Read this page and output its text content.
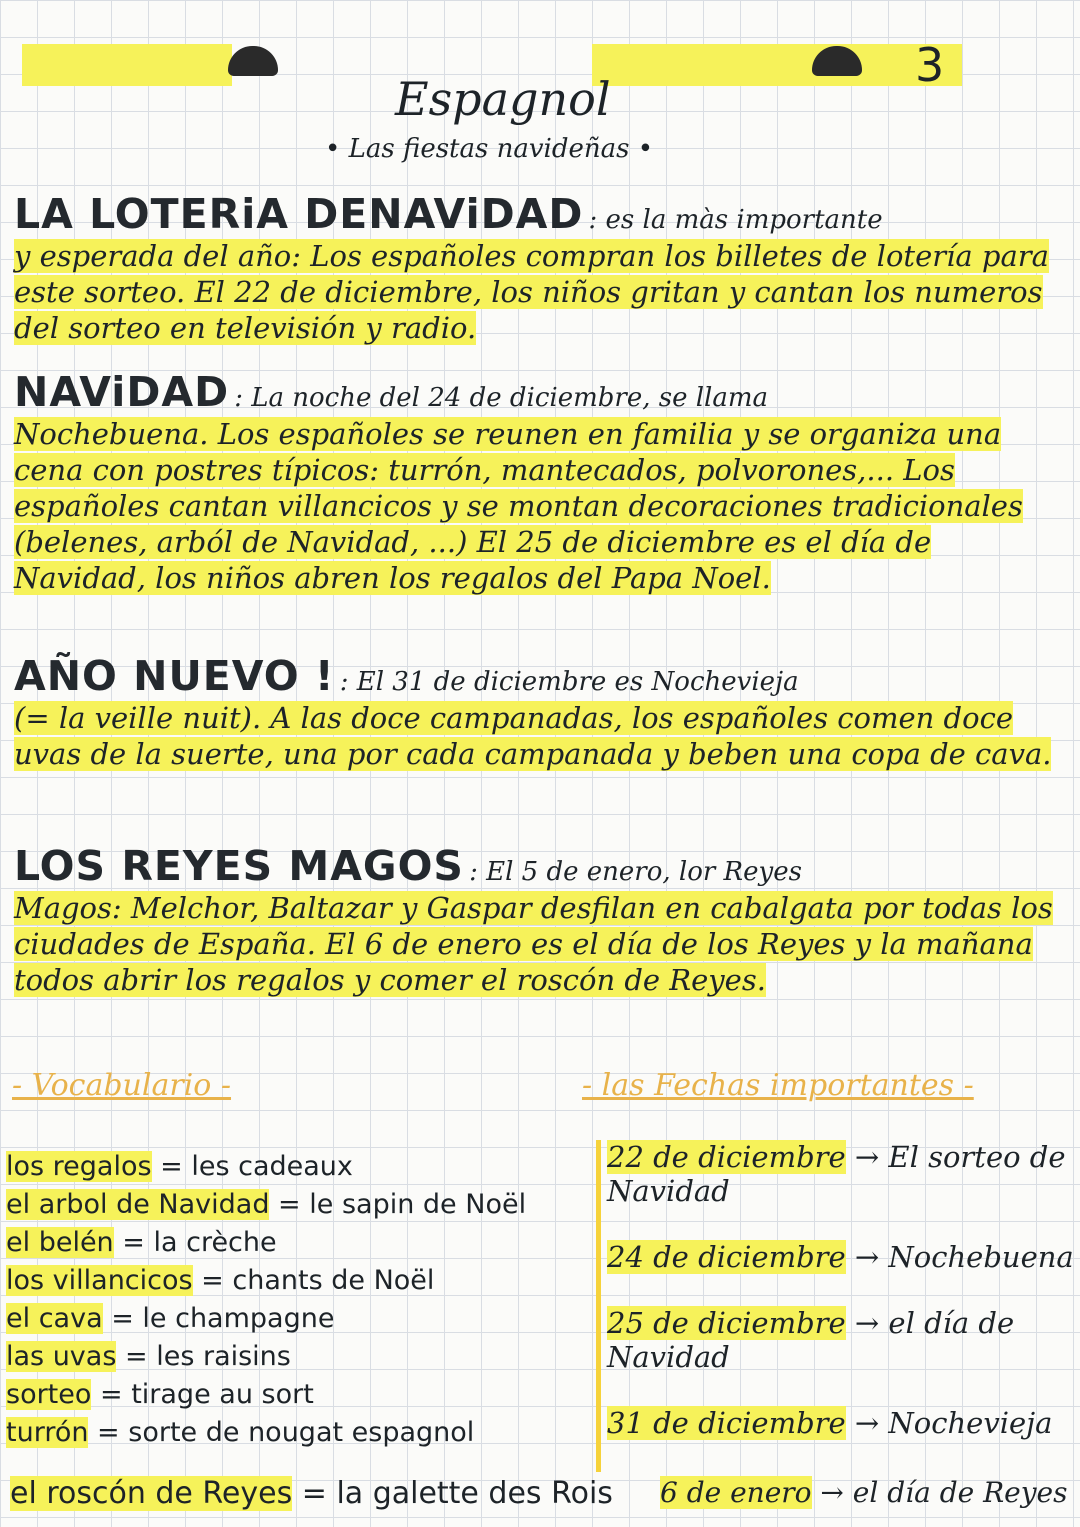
3
Espagnol
• Las fiestas navideñas •
LA LOTERiA DENAViDAD : es la màs importante
y esperada del año: Los españoles compran los billetes de lotería para este sorteo. El 22 de diciembre, los niños gritan y cantan los numeros del sorteo en televisión y radio.
NAViDAD : La noche del 24 de diciembre, se llama
Nochebuena. Los españoles se reunen en familia y se organiza una cena con postres típicos: turrón, mantecados, polvorones,... Los españoles cantan villancicos y se montan decoraciones tradicionales (belenes, arból de Navidad, ...) El 25 de diciembre es el día de Navidad, los niños abren los regalos del Papa Noel.
AÑO NUEVO ! : El 31 de diciembre es Nochevieja
(= la veille nuit). A las doce campanadas, los españoles comen doce uvas de la suerte, una por cada campanada y beben una copa de cava.
LOS REYES MAGOS : El 5 de enero, lor Reyes
Magos: Melchor, Baltazar y Gaspar desfilan en cabalgata por todas los ciudades de España. El 6 de enero es el día de los Reyes y la mañana todos abrir los regalos y comer el roscón de Reyes.
- Vocabulario -	- las Fechas importantes -
los regalos = les cadeaux
el arbol de Navidad = le sapin de Noël
el belén = la crèche
los villancicos = chants de Noël
el cava = le champagne
las uvas = les raisins
sorteo = tirage au sort
turrón = sorte de nougat espagnol
22 de diciembre → El sorteo de Navidad
24 de diciembre → Nochebuena
25 de diciembre → el día de Navidad
31 de diciembre → Nochevieja
el roscón de Reyes = la galette des Rois 6 de enero → el día de Reyes
